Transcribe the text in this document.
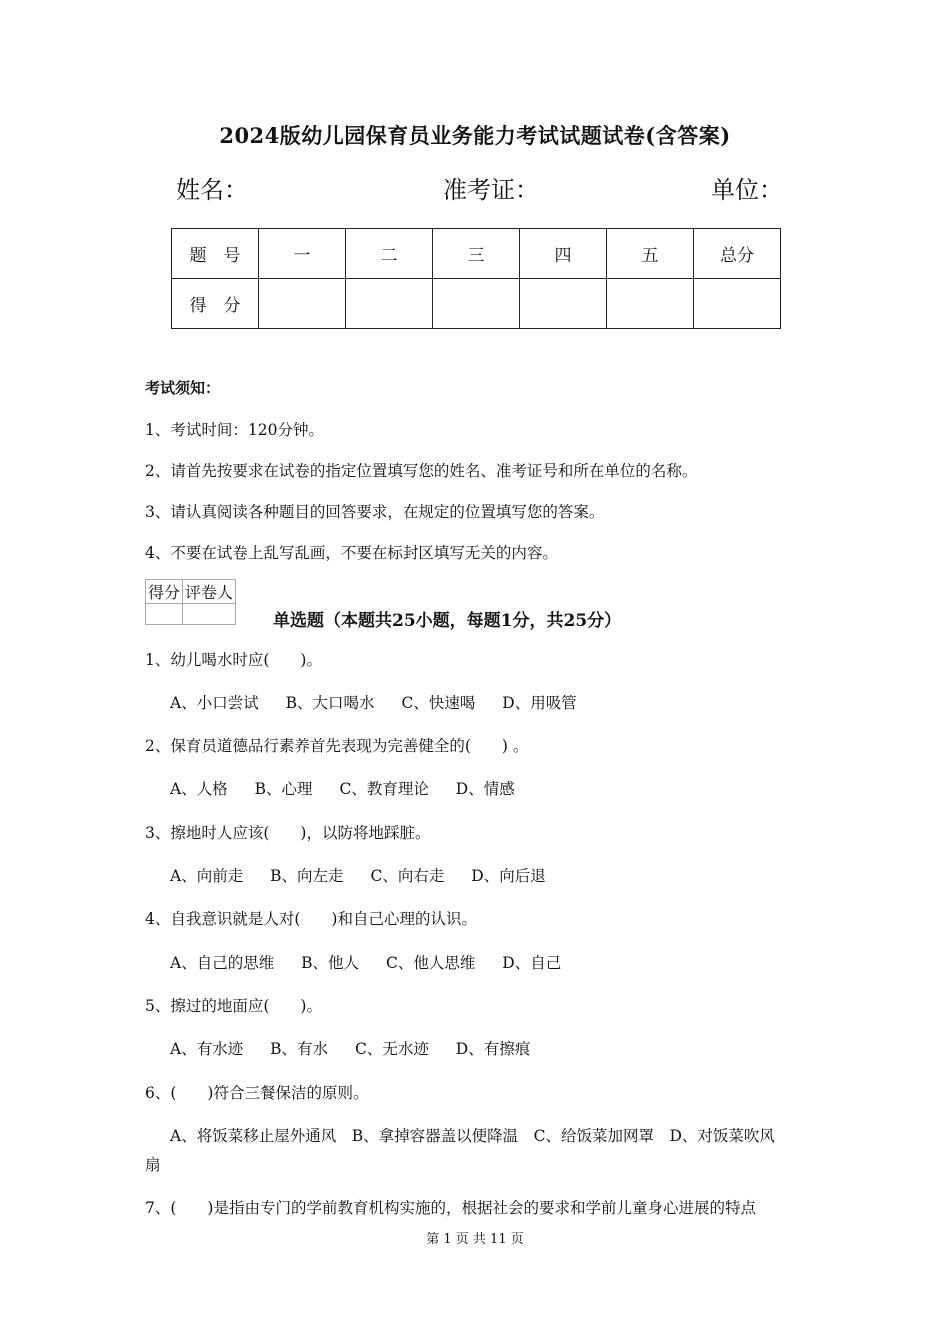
2024版幼儿园保育员业务能力考试试题试卷(含答案)
姓名：	准考证：	单位：
题　号	一	二	三	四	五	总分
得　分						
考试须知：
1、考试时间：120分钟。
2、请首先按要求在试卷的指定位置填写您的姓名、准考证号和所在单位的名称。
3、请认真阅读各种题目的回答要求，在规定的位置填写您的答案。
4、不要在试卷上乱写乱画，不要在标封区填写无关的内容。
得分	评卷人

单选题（本题共25小题，每题1分，共25分）
1、幼儿喝水时应(　　)。
A、小口尝试 B、大口喝水 C、快速喝 D、用吸管
2、保育员道德品行素养首先表现为完善健全的(　　) 。
A、人格 B、心理 C、教育理论 D、情感
3、擦地时人应该(　　)，以防将地踩脏。
A、向前走 B、向左走 C、向右走 D、向后退
4、自我意识就是人对(　　)和自己心理的认识。
A、自己的思维 B、他人 C、他人思维 D、自己
5、擦过的地面应(　　)。
A、有水迹 B、有水 C、无水迹 D、有擦痕
6、(　　)符合三餐保洁的原则。
A、将饭菜移止屋外通风　B、拿掉容器盖以便降温　C、给饭菜加网罩　D、对饭菜吹风
扇
7、(　　)是指由专门的学前教育机构实施的，根据社会的要求和学前儿童身心进展的特点
第 1 页 共 11 页
